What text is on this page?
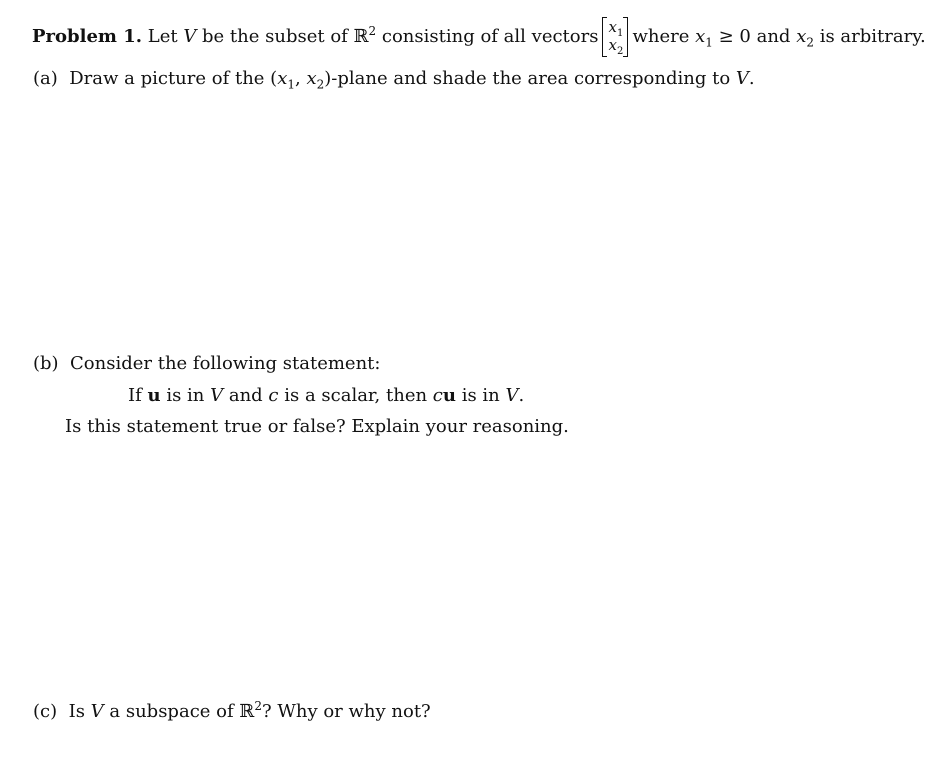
Problem 1. Let V be the subset of ℝ$^2$ consisting of all vectors $x_1$
$x_2$
where $x_1 \ge 0$ and $x_2$ is arbitrary.
(a) Draw a picture of the ($x_1$, $x_2$)-plane and shade the area corresponding to V.
(b) Consider the following statement:
If u is in V and c is a scalar, then cu is in V.
Is this statement true or false? Explain your reasoning.
(c) Is V a subspace of ℝ$^2$? Why or why not?
